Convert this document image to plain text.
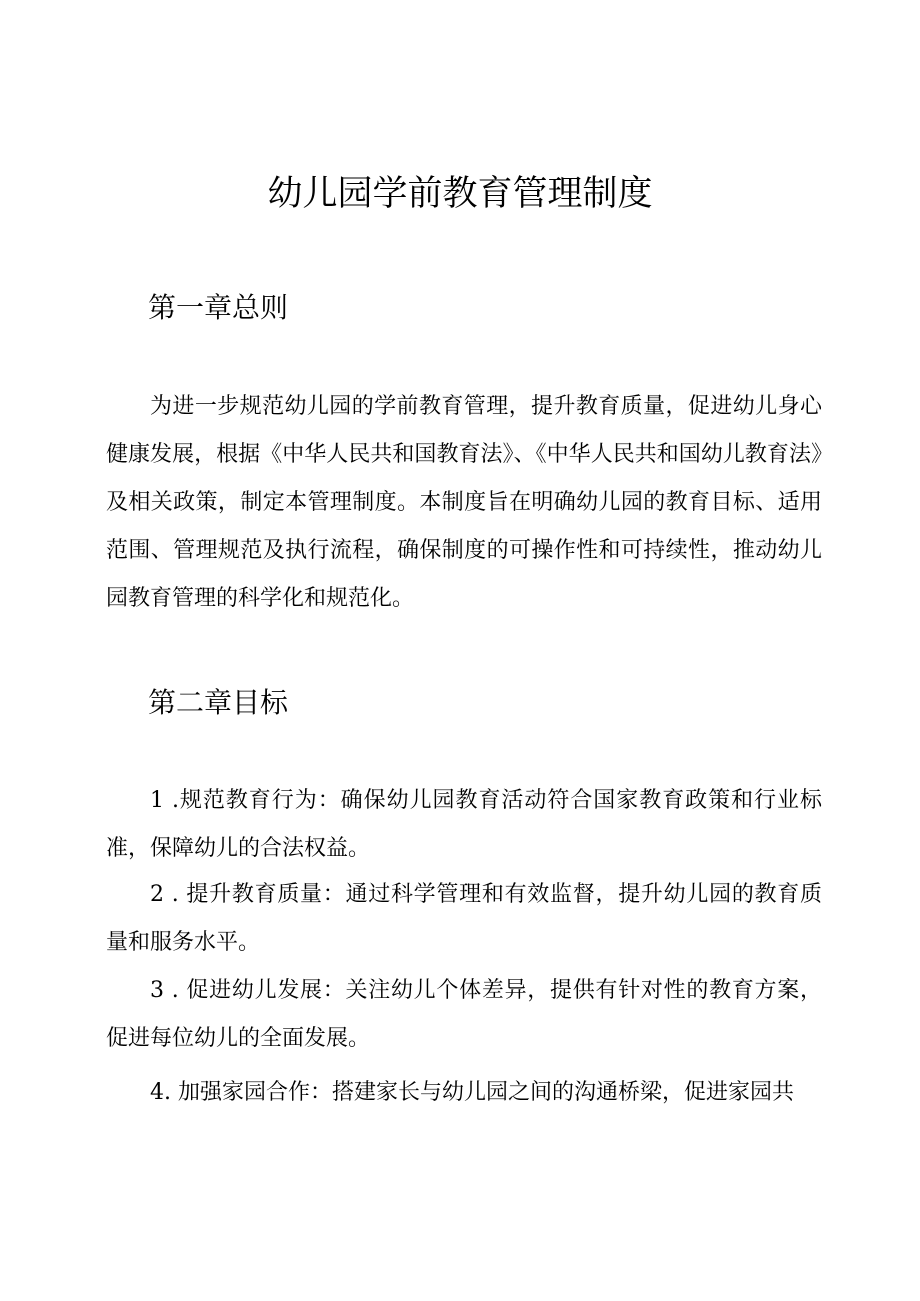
幼儿园学前教育管理制度
第一章总则

为进一步规范幼儿园的学前教育管理，提升教育质量，促进幼儿身心健康发展，根据《中华人民共和国教育法》、《中华人民共和国幼儿教育法》及相关政策，制定本管理制度。本制度旨在明确幼儿园的教育目标、适用范围、管理规范及执行流程，确保制度的可操作性和可持续性，推动幼儿园教育管理的科学化和规范化。

第二章目标

1 .规范教育行为：确保幼儿园教育活动符合国家教育政策和行业标准，保障幼儿的合法权益。

2 . 提升教育质量：通过科学管理和有效监督，提升幼儿园的教育质量和服务水平。

3 . 促进幼儿发展：关注幼儿个体差异，提供有针对性的教育方案，促进每位幼儿的全面发展。

4. 加强家园合作：搭建家长与幼儿园之间的沟通桥梁，促进家园共
